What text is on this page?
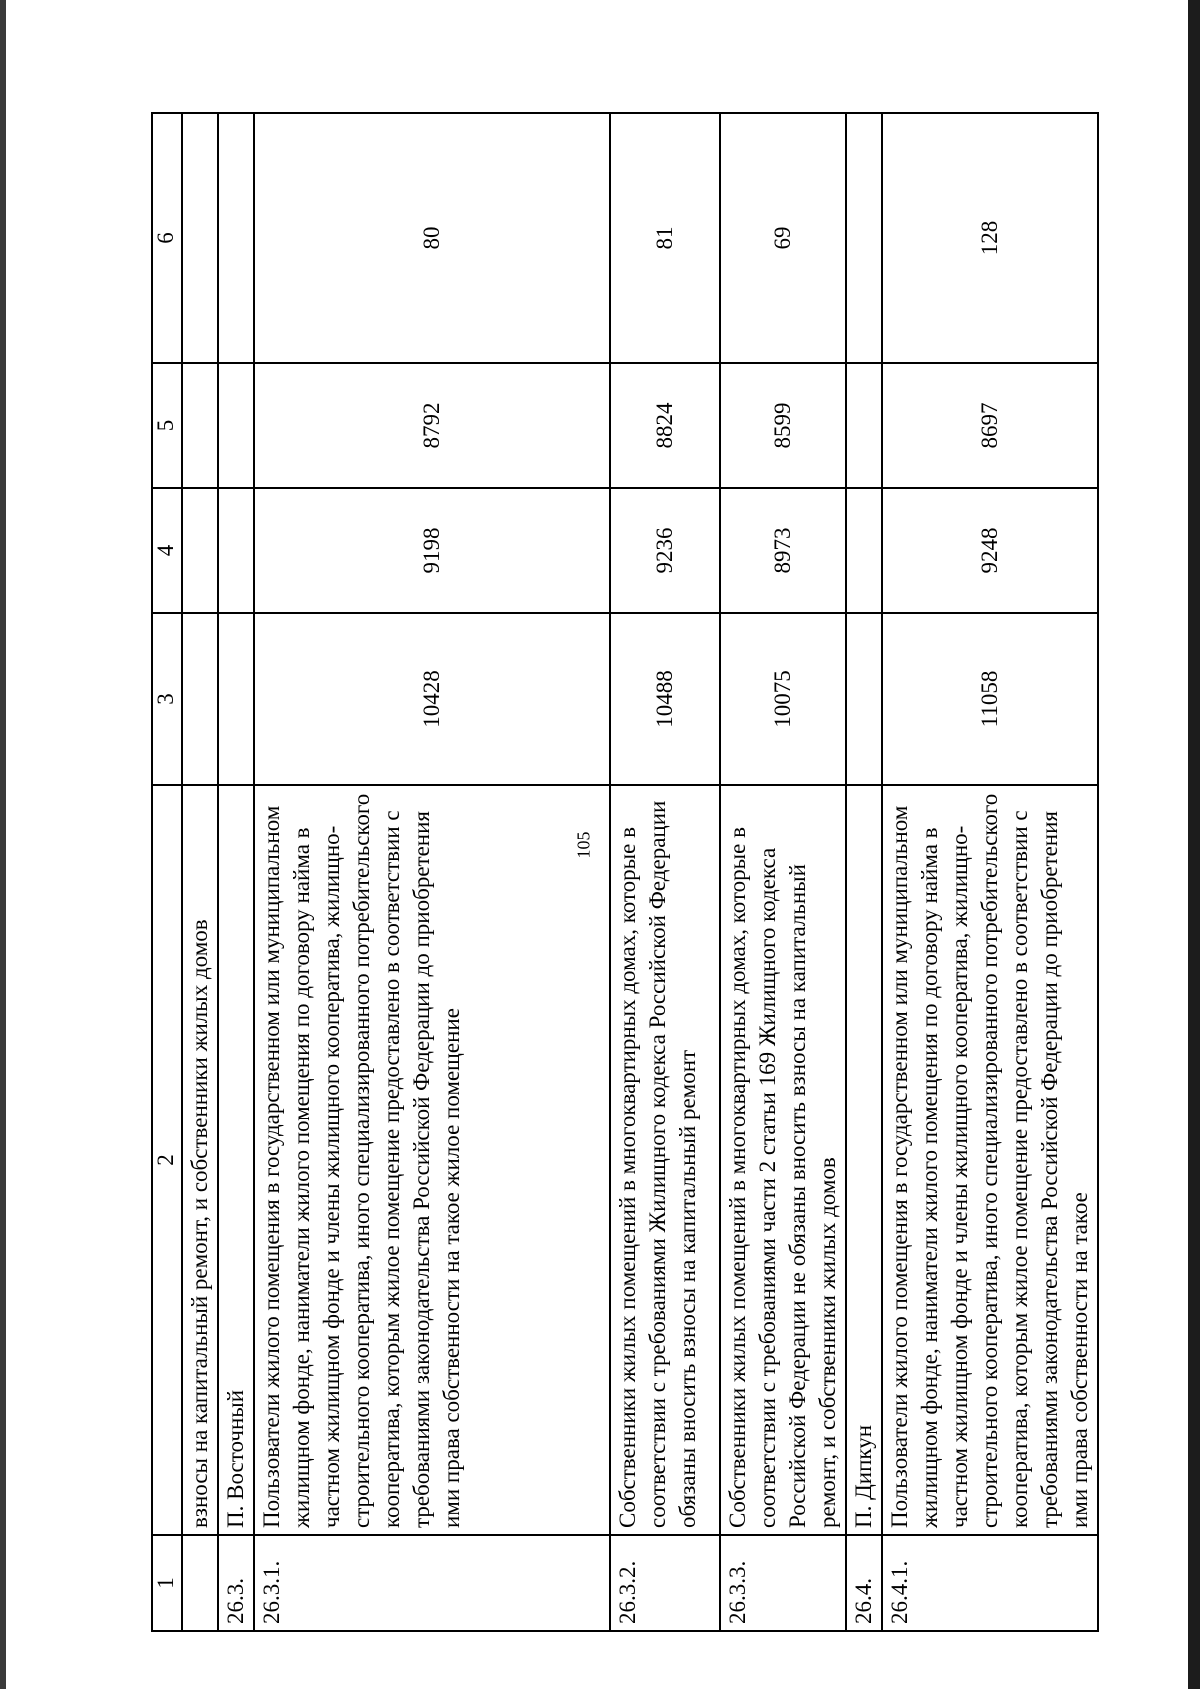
105
1	2	3	4	5	6
	взносы на капитальный ремонт, и собственники жилых домов				
26.3.	П. Восточный				
26.3.1.	Пользователи жилого помещения в государственном или муниципальном жилищном фонде, наниматели жилого помещения по договору найма в частном жилищном фонде и члены жилищного кооператива, жилищно-строительного кооператива, иного специализированного потребительского кооператива, которым жилое помещение предоставлено в соответствии с требованиями законодательства Российской Федерации до приобретения ими права собственности на такое жилое помещение	10428	9198	8792	80
26.3.2.	Собственники жилых помещений в многоквартирных домах, которые в соответствии с требованиями Жилищного кодекса Российской Федерации обязаны вносить взносы на капитальный ремонт	10488	9236	8824	81
26.3.3.	Собственники жилых помещений в многоквартирных домах, которые в соответствии с требованиями части 2 статьи 169 Жилищного кодекса Российской Федерации не обязаны вносить взносы на капитальный ремонт, и собственники жилых домов	10075	8973	8599	69
26.4.	П. Дипкун				
26.4.1.	Пользователи жилого помещения в государственном или муниципальном жилищном фонде, наниматели жилого помещения по договору найма в частном жилищном фонде и члены жилищного кооператива, жилищно-строительного кооператива, иного специализированного потребительского кооператива, которым жилое помещение предоставлено в соответствии с требованиями законодательства Российской Федерации до приобретения ими права собственности на такое	11058	9248	8697	128
